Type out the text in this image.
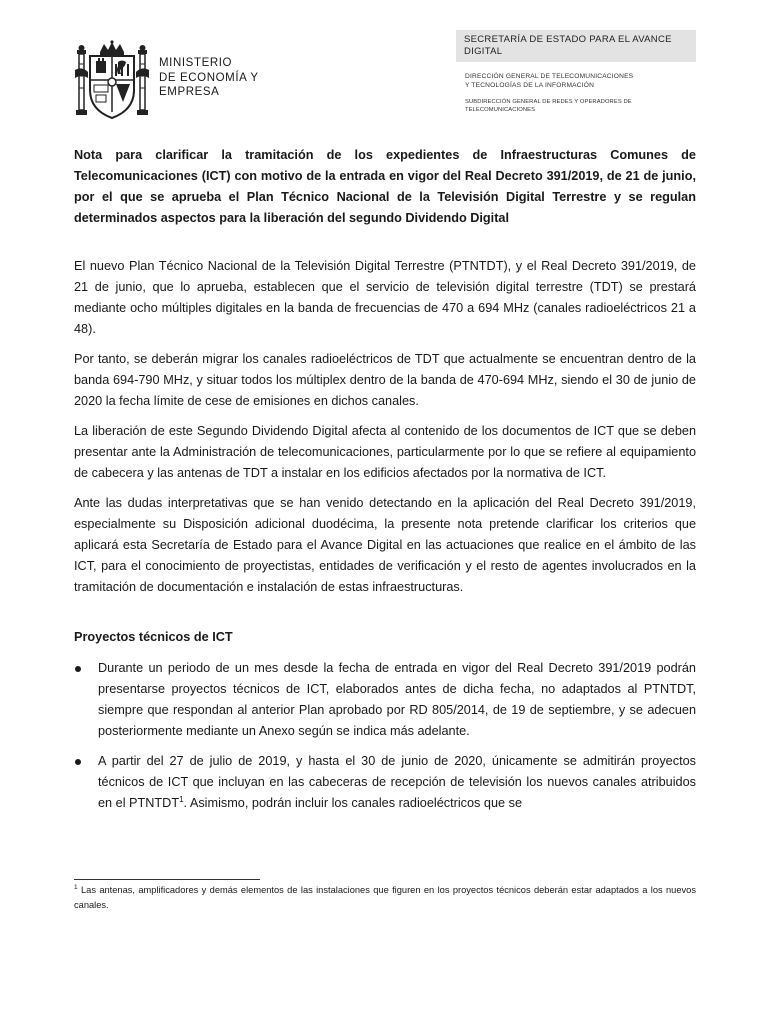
MINISTERIO
DE ECONOMÍA Y
EMPRESA
SECRETARÍA DE ESTADO PARA EL AVANCE DIGITAL
DIRECCIÓN GENERAL DE TELECOMUNICACIONES
Y TECNOLOGÍAS DE LA INFORMACIÓN
SUBDIRECCIÓN GENERAL DE REDES Y OPERADORES DE
TELECOMUNICACIONES
Nota para clarificar la tramitación de los expedientes de Infraestructuras Comunes de Telecomunicaciones (ICT) con motivo de la entrada en vigor del Real Decreto 391/2019, de 21 de junio, por el que se aprueba el Plan Técnico Nacional de la Televisión Digital Terrestre y se regulan determinados aspectos para la liberación del segundo Dividendo Digital

El nuevo Plan Técnico Nacional de la Televisión Digital Terrestre (PTNTDT), y el Real Decreto 391/2019, de 21 de junio, que lo aprueba, establecen que el servicio de televisión digital terrestre (TDT) se prestará mediante ocho múltiples digitales en la banda de frecuencias de 470 a 694 MHz (canales radioeléctricos 21 a 48).

Por tanto, se deberán migrar los canales radioeléctricos de TDT que actualmente se encuentran dentro de la banda 694-790 MHz, y situar todos los múltiplex dentro de la banda de 470-694 MHz, siendo el 30 de junio de 2020 la fecha límite de cese de emisiones en dichos canales.

La liberación de este Segundo Dividendo Digital afecta al contenido de los documentos de ICT que se deben presentar ante la Administración de telecomunicaciones, particularmente por lo que se refiere al equipamiento de cabecera y las antenas de TDT a instalar en los edificios afectados por la normativa de ICT.

Ante las dudas interpretativas que se han venido detectando en la aplicación del Real Decreto 391/2019, especialmente su Disposición adicional duodécima, la presente nota pretende clarificar los criterios que aplicará esta Secretaría de Estado para el Avance Digital en las actuaciones que realice en el ámbito de las ICT, para el conocimiento de proyectistas, entidades de verificación y el resto de agentes involucrados en la tramitación de documentación e instalación de estas infraestructuras.

Proyectos técnicos de ICT
Durante un periodo de un mes desde la fecha de entrada en vigor del Real Decreto 391/2019 podrán presentarse proyectos técnicos de ICT, elaborados antes de dicha fecha, no adaptados al PTNTDT, siempre que respondan al anterior Plan aprobado por RD 805/2014, de 19 de septiembre, y se adecuen posteriormente mediante un Anexo según se indica más adelante.
A partir del 27 de julio de 2019, y hasta el 30 de junio de 2020, únicamente se admitirán proyectos técnicos de ICT que incluyan en las cabeceras de recepción de televisión los nuevos canales atribuidos en el PTNTDT$^1$. Asimismo, podrán incluir los canales radioeléctricos que se
$^1$ Las antenas, amplificadores y demás elementos de las instalaciones que figuren en los proyectos técnicos deberán estar adaptados a los nuevos canales.
